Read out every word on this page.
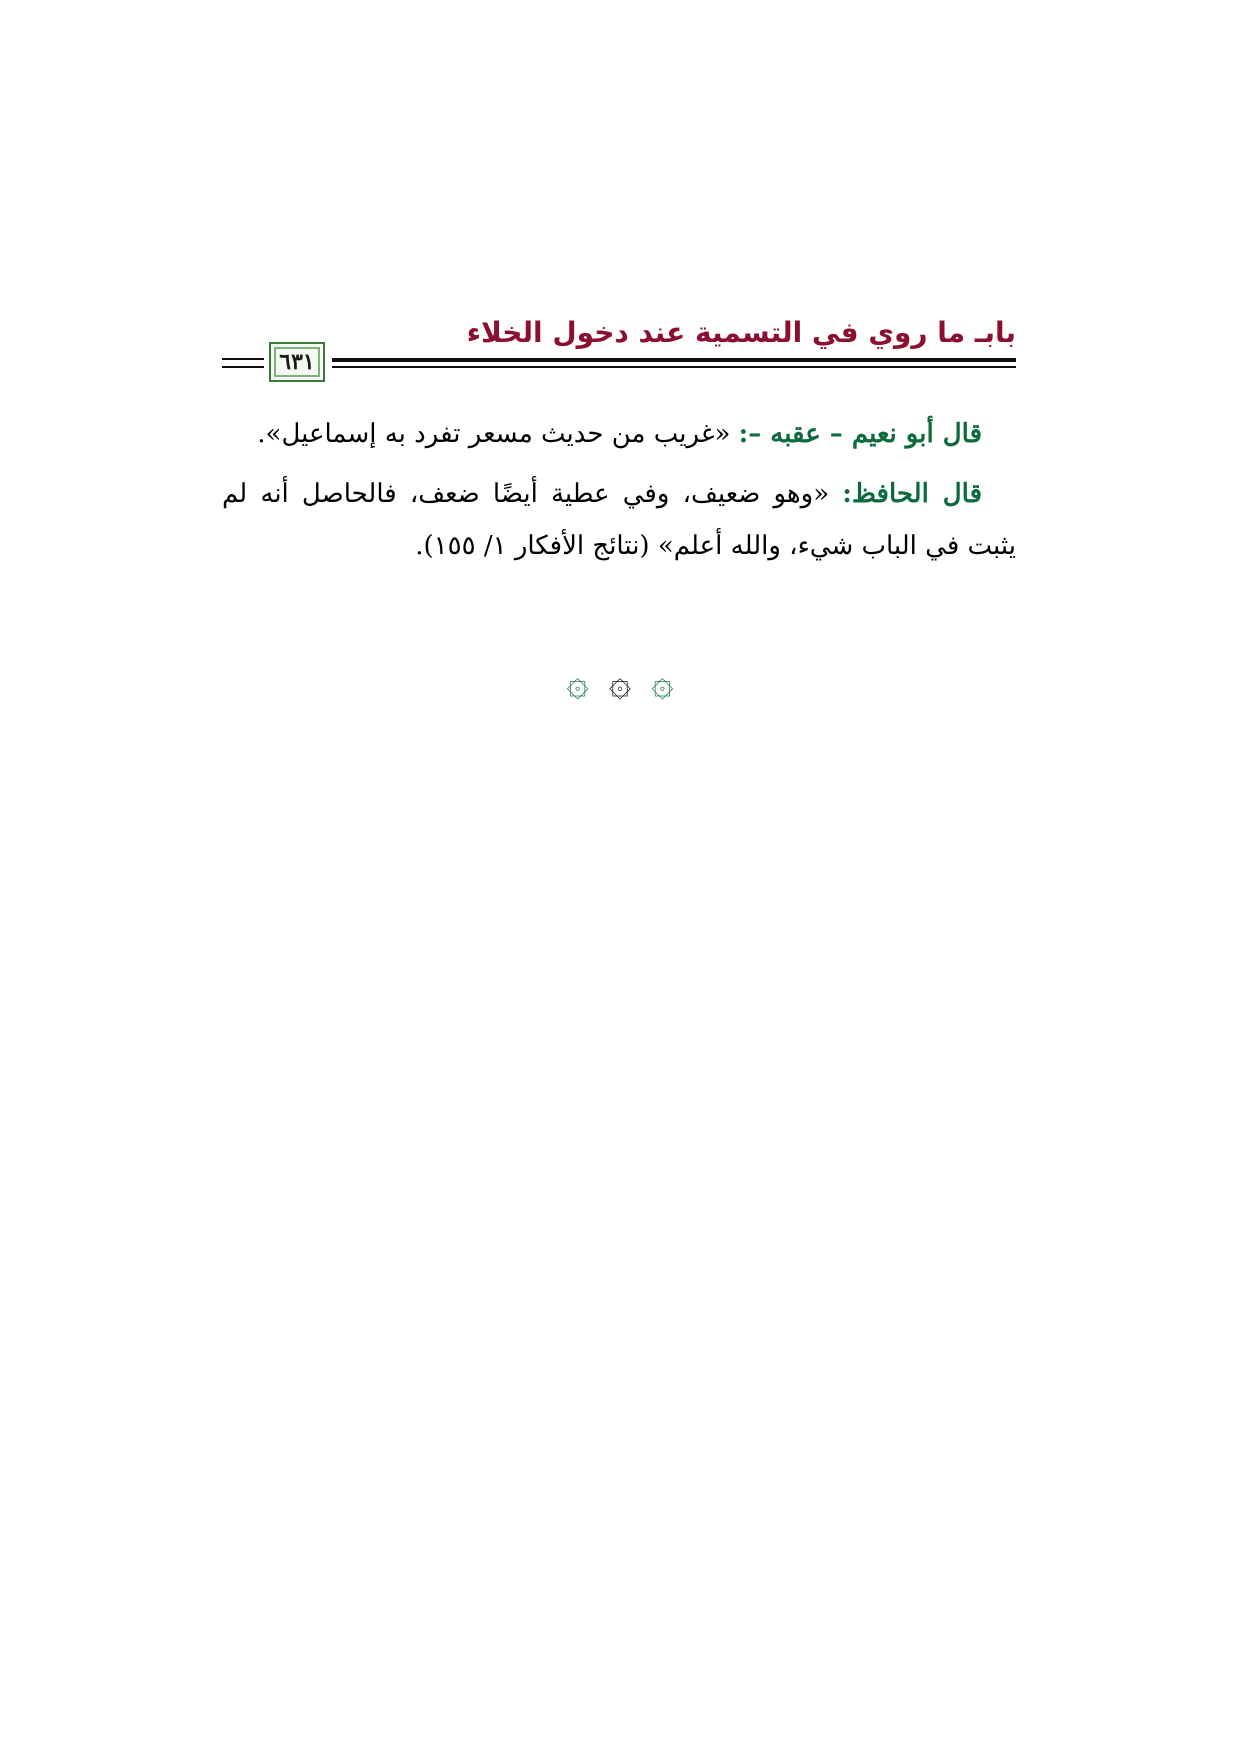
بابـ ما روي في التسمية عند دخول الخلاء
٦٣١

قال أبو نعيم – عقبه –: «غريب من حديث مسعر تفرد به إسماعيل».

قال الحافظ: «وهو ضعيف، وفي عطية أيضًا ضعف، فالحاصل أنه لم يثبت في الباب شيء، والله أعلم» (نتائج الأفكار ١/ ١٥٥).

۞ ۞ ۞
